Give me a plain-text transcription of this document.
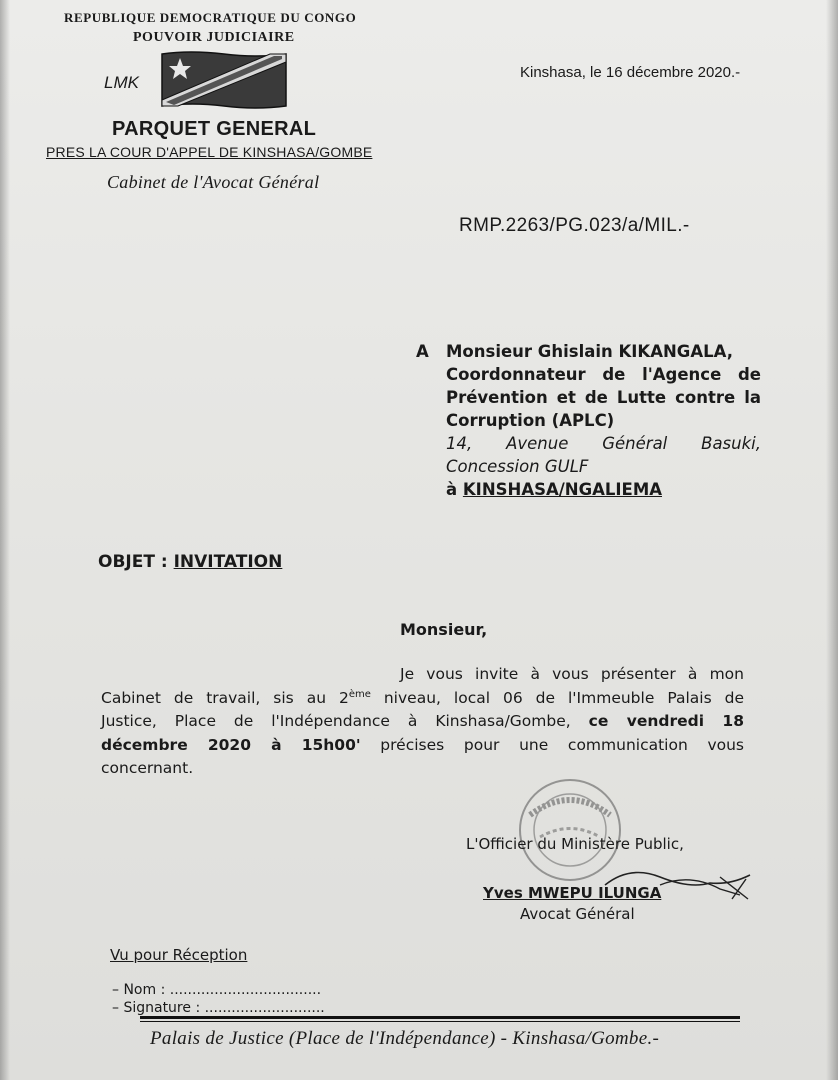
REPUBLIQUE DEMOCRATIQUE DU CONGO
POUVOIR JUDICIAIRE
LMK
PARQUET GENERAL
PRES LA COUR D'APPEL DE KINSHASA/GOMBE
Cabinet de l'Avocat Général
Kinshasa, le 16 décembre 2020.-
RMP.2263/PG.023/a/MIL.-
A Monsieur Ghislain KIKANGALA,
Coordonnateur de l'Agence de
Prévention et de Lutte contre la
Corruption (APLC)
14, Avenue Général Basuki,
Concession GULF
à KINSHASA/NGALIEMA
OBJET : INVITATION
Monsieur,
Je vous invite à vous présenter à mon
Cabinet de travail, sis au 2ème niveau, local 06 de l'Immeuble Palais de
Justice, Place de l'Indépendance à Kinshasa/Gombe, ce vendredi 18
décembre 2020 à 15h00' précises pour une communication vous
concernant.
L'Officier du Ministère Public,
Yves MWEPU ILUNGA
Avocat Général
Vu pour Réception
– Nom : ..................................
– Signature : ...........................
Palais de Justice (Place de l'Indépendance) - Kinshasa/Gombe.-
